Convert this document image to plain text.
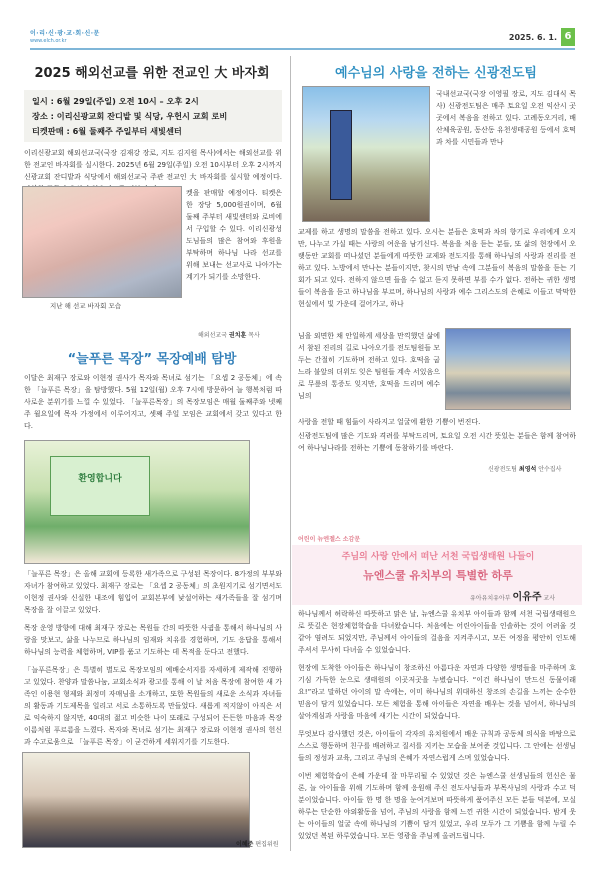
이·리·신·광·교·회·신·문
www.elch.or.kr	2025. 6. 1. 6
2025 해외선교를 위한 전교인 大 바자회
일시 : 6월 29일(주일) 오전 10시 – 오후 2시
장소 : 이리신광교회 잔디밭 및 식당, 우헌시 교회 로비
티켓판매 : 6월 둘째주 주일부터 새빛센터
이리신광교회 해외선교국(국장 김재강 장로, 지도 김지원 목사)에서는 해외선교를 위한 전교인 바자회를 실시한다. 2025년 6월 29일(주일) 오전 10시부터 오후 2시까지 신광교회 잔디밭과 식당에서 해외선교국 주관 전교인 大 바자회를 실시할 예정이다.
켓을 판매할 예정이다. 티켓은 한 장당 5,000원권이며, 6월 둘째 주부터 새빛센터와 로비에서 구입할 수 있다. 이리신광성도님들의 많은 참여와 후원을 부탁하며 하나님 나라 선교를 위해 보내는 선교사로 나아가는 계기가 되기를 소망한다.
지난 해 선교 바자회 모습
해외선교국 권치훈 목사
“늘푸른 목장” 목장예배 탐방
이달은 최재구 장로와 이현정 권사가 목자와 목녀로 섬기는 「요셉 2 공동체」에 속한 「늘푸른 목장」을 탐방했다. 5월 12일(월) 오후 7시에 방문하여 늘 행복처럼 따사로운 분위기를 느낄 수 있었다. 「늘푸른목장」의 목장모임은 매월 둘째주와 넷째주 월요일에 목자 가정에서 이루어지고, 셋째 주일 모임은 교회에서 갖고 있다고 한다.
환영합니다
「늘푸른 목장」은 올해 교회에 등록한 새가족으로 구성된 목장이다. 8가정의 부부와 자녀가 참여하고 있었다. 최재구 장로는 「요셉 2 공동체」의 초원지기로 섬기면서도 이현정 권사와 신실한 내조에 힘입어 교회본부에 낯설어하는 새가족들을 잘 섬기며 목장을 잘 이끌고 있었다.
목장 운영 방향에 대해 최재구 장로는 목원들 간의 따뜻한 사귐을 통해서 하나님의 사랑을 맛보고, 삶을 나누므로 하나님의 임재와 치유를 경험하며, 기도 응답을 통해서 하나님의 능력을 체험하며, VIP를 품고 기도하는 데 목적을 둔다고 전했다.
「늘푸른목장」은 특별히 별도로 목장모임의 예배순서지를 자세하게 제작해 진행하고 있었다. 찬양과 말씀나눔, 교회소식과 광고를 통해 이 날 처음 목장에 참여한 새 가족인 이용현 형제와 최정미 자매님을 소개하고, 또한 목원들의 새로운 소식과 자녀들의 활동과 기도제목을 일리고 서로 소통하도록 만들었다. 새롭게 적지않이 아직은 서로 익숙하지 않지만, 40대의 젊고 비슷한 나이 또래로 구성되어 든든한 마음과 목장 이름처럼 푸르름을 느꼈다. 목자와 목녀로 섬기는 최재구 장로와 이현정 권사의 헌신과 수고로움으로 「늘푸른 목장」이 굳건하게 세워지기를 기도한다.
이혜준 편집위원
예수님의 사랑을 전하는 신광전도팀
국내선교국(국장 이영필 장로, 지도 김대식 목사) 신광전도팀은 매주 토요일 오전 익산시 곳곳에서 복음을 전하고 있다. 고례동오거리, 배산체육공원, 동산동 유천생태공원 등에서 호떡과 차를 시민들과 만나
교제를 하고 생명의 말씀을 전하고 있다. 오시는 분들은 호떡과 차의 향기로 우리에게 오지만, 나누고 가실 때는 사랑의 여운을 남기신다. 복음을 처음 듣는 분들, 또 삶의 현장에서 오랫동안 교회를 떠나셨던 분들에게 따뜻한 교제와 전도지를 통해 하나님의 사랑과 진리를 전하고 있다. 노방에서 만나는 분들이지만, 찾시의 만남 속에 그분들이 복음의 말씀을 듣는 기회가 되고 있다. 전하지 않으면 들을 수 없고 듣지 못하면 부를 수가 없다. 전하는 귀한 생명들이 복음을 듣고 하나님을 부르며, 하나님의 사랑과 예수 그리스도의 은혜로 이들고 막막한 현실에서 빛 가운데 걸어가고, 하나
님을 외면한 채 안일하게 세상을 만끽했던 삶에서 참된 진리의 길로 나아오기를 전도팀원들 모두는 간절히 기도하며 전하고 있다. 호떡을 굽느라 불앞의 더위도 잊은 팀원들 계속 서있음으로 무릎의 통증도 잊지만, 호떡을 드리며 예수님의
사랑을 전할 때 힘듦이 사라지고 얼굴에 환한 기쁨이 번진다.
신광전도팀에 많은 기도와 격려를 부탁드리며, 토요일 오전 시간 뜻있는 분들은 함께 참여하여 하나님나라를 전하는 기쁨에 동참하기를 바란다.
신광전도팀 최영석 안수집사
어린이 뉴엔젤스 소감문
주님의 사랑 안에서 떠난 서천 국립생태원 나들이
뉴엔스쿨 유치부의 특별한 하루
유아유치유아부 이유주 교사
하나님께서 허락하신 따뜻하고 맑은 날, 뉴엔스쿨 유치부 아이들과 함께 서천 국립생태원으로 뜻깊은 현장체험학습을 다녀왔습니다. 처음에는 어린아이들을 인솔하는 것이 어려울 것 같아 염려도 되었지만, 주님께서 아이들의 걸음을 지켜주시고, 모든 여정을 평안히 인도해 주셔서 무사히 다녀올 수 있었습니다.
현장에 도착한 아이들은 하나님이 창조하신 아름다운 자연과 다양한 생명들을 마주하며 호기심 가득한 눈으로 생태원의 이곳저곳을 누볐습니다. “이건 하나님이 만드신 동물이래요!”라고 말하던 아이의 말 속에는, 이미 하나님의 위대하신 창조의 손길을 느끼는 순수한 믿음이 담겨 있었습니다. 모든 체험을 통해 아이들은 자연을 배우는 것을 넘어서, 하나님의 살아계심과 사랑을 마음에 새기는 시간이 되었습니다.
무엇보다 감사했던 것은, 아이들이 각자의 유치원에서 배운 규칙과 공동체 의식을 바탕으로 스스로 행동하며 친구를 배려하고 질서를 지키는 모습을 보여준 것입니다. 그 안에는 선생님들의 정성과 교육, 그리고 주님의 은혜가 자연스럽게 스며 있었습니다.
이번 체험학습이 은혜 가운데 잘 마무리될 수 있었던 것은 뉴엔스쿨 선생님들의 헌신은 물론, 늘 아이들을 위해 기도하며 함께 응원해 주신 전도사님들과 부목사님의 사랑과 수고 덕분이었습니다. 아이들 한 명 한 명을 눈여겨보며 따뜻하게 품어주신 모든 분들 덕분에, 모실 하루는 단순한 야외활동을 넘어, 주님의 사랑을 함께 느낀 귀한 시간이 되었습니다. 밤게 웃는 아이들의 얼굴 속에 하나님의 기쁨이 담겨 있었고, 우리 모두가 그 기쁨을 함께 누릴 수 있었던 복된 하루였습니다. 모든 영광을 주님께 올려드립니다.
